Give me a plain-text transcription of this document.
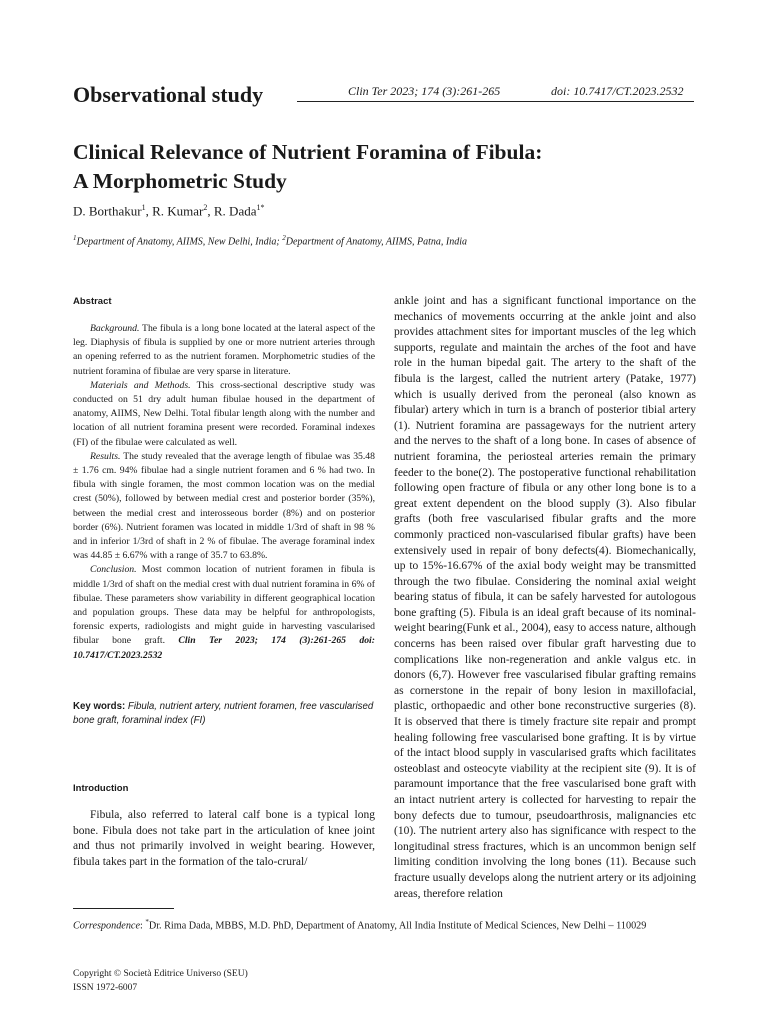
Observational study	Clin Ter 2023; 174 (3):261-265	doi: 10.7417/CT.2023.2532
Clinical Relevance of Nutrient Foramina of Fibula:
A Morphometric Study
D. Borthakur$^1$, R. Kumar$^2$, R. Dada$^{1*}$
$^1$Department of Anatomy, AIIMS, New Delhi, India; $^2$Department of Anatomy, AIIMS, Patna, India
Abstract

Background. The fibula is a long bone located at the lateral aspect of the leg. Diaphysis of fibula is supplied by one or more nutrient arteries through an opening referred to as the nutrient foramen. Morphometric studies of the nutrient foramina of fibulae are very sparse in literature.

Materials and Methods. This cross-sectional descriptive study was conducted on 51 dry adult human fibulae housed in the department of anatomy, AIIMS, New Delhi. Total fibular length along with the number and location of all nutrient foramina present were recorded. Foraminal indexes (FI) of the fibulae were calculated as well.

Results. The study revealed that the average length of fibulae was 35.48 ± 1.76 cm. 94% fibulae had a single nutrient foramen and 6 % had two. In fibula with single foramen, the most common location was on the medial crest (50%), followed by between medial crest and posterior border (35%), between the medial crest and interosseous border (8%) and on posterior border (6%). Nutrient foramen was located in middle 1/3rd of shaft in 98 % and in inferior 1/3rd of shaft in 2 % of fibulae. The average foraminal index was 44.85 ± 6.67% with a range of 35.7 to 63.8%.

Conclusion. Most common location of nutrient foramen in fibula is middle 1/3rd of shaft on the medial crest with dual nutrient foramina in 6% of fibulae. These parameters show variability in different geographical location and population groups. These data may be helpful for anthropologists, forensic experts, radiologists and might guide in harvesting vascularised fibular bone graft. Clin Ter 2023; 174 (3):261-265 doi: 10.7417/CT.2023.2532

Key words: Fibula, nutrient artery, nutrient foramen, free vascularised bone graft, foraminal index (FI)
Introduction

Fibula, also referred to lateral calf bone is a typical long bone. Fibula does not take part in the articulation of knee joint and thus not primarily involved in weight bearing. However, fibula takes part in the formation of the talo-crural/

ankle joint and has a significant functional importance on the mechanics of movements occurring at the ankle joint and also provides attachment sites for important muscles of the leg which supports, regulate and maintain the arches of the foot and have role in the human bipedal gait. The artery to the shaft of the fibula is the largest, called the nutrient artery (Patake, 1977) which is usually derived from the peroneal (also known as fibular) artery which in turn is a branch of posterior tibial artery (1). Nutrient foramina are passageways for the nutrient artery and the nerves to the shaft of a long bone. In cases of absence of nutrient foramina, the periosteal arteries remain the primary feeder to the bone(2). The postoperative functional rehabilitation following open fracture of fibula or any other long bone is to a great extent dependent on the blood supply (3). Also fibular grafts (both free vascularised fibular grafts and the more commonly practiced non-vascularised fibular grafts) have been extensively used in repair of bony defects(4). Biomechanically, up to 15%-16.67% of the axial body weight may be transmitted through the two fibulae. Considering the nominal axial weight bearing status of fibula, it can be safely harvested for autologous bone grafting (5). Fibula is an ideal graft because of its nominal-weight bearing(Funk et al., 2004), easy to access nature, although concerns has been raised over fibular graft harvesting due to complications like non-regeneration and ankle valgus etc. in donors (6,7). However free vascularised fibular grafting remains as cornerstone in the repair of bony lesion in maxillofacial, plastic, orthopaedic and other bone reconstructive surgeries (8). It is observed that there is timely fracture site repair and prompt healing following free vascularised bone grafting. It is by virtue of the intact blood supply in vascularised grafts which facilitates osteoblast and osteocyte viability at the recipient site (9). It is of paramount importance that the free vascularised bone graft with an intact nutrient artery is collected for harvesting to repair the bony defects due to tumour, pseudoarthrosis, malignancies etc (10). The nutrient artery also has significance with respect to the longitudinal stress fractures, which is an uncommon benign self limiting condition involving the long bones (11). Because such fracture usually develops along the nutrient artery or its adjoining areas, therefore relation

Correspondence: *Dr. Rima Dada, MBBS, M.D. PhD, Department of Anatomy, All India Institute of Medical Sciences, New Delhi – 110029
Copyright © Società Editrice Universo (SEU)
ISSN 1972-6007
